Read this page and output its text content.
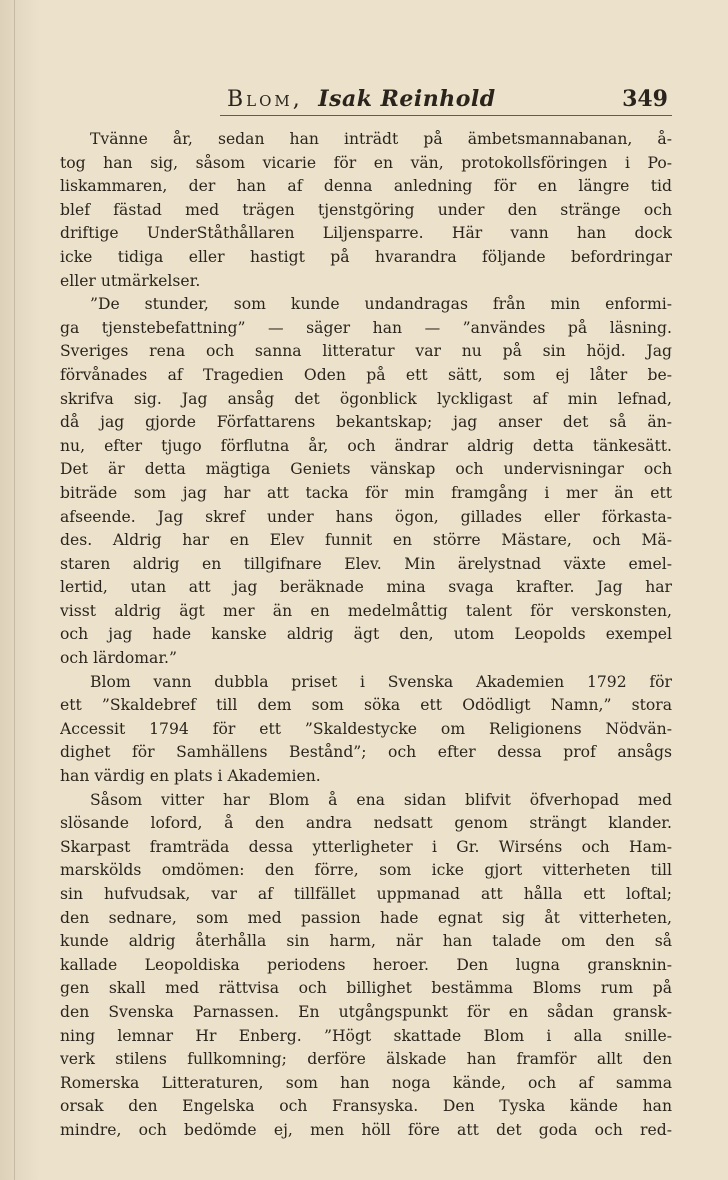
Blom, Isak Reinhold	349
Tvänne år, sedan han inträdt på ämbetsmannabanan, å-
tog han sig, såsom vicarie för en vän, protokollsföringen i Po-
liskammaren, der han af denna anledning för en längre tid
blef fästad med trägen tjenstgöring under den stränge och
driftige UnderStåthållaren Liljensparre. Här vann han dock
icke tidiga eller hastigt på hvarandra följande befordringar
eller utmärkelser.
”De stunder, som kunde undandragas från min enformi-
ga tjenstebefattning” — säger han — ”användes på läsning.
Sveriges rena och sanna litteratur var nu på sin höjd. Jag
förvånades af Tragedien Oden på ett sätt, som ej låter be-
skrifva sig. Jag ansåg det ögonblick lyckligast af min lefnad,
då jag gjorde Författarens bekantskap; jag anser det så än-
nu, efter tjugo förflutna år, och ändrar aldrig detta tänkesätt.
Det är detta mägtiga Geniets vänskap och undervisningar och
biträde som jag har att tacka för min framgång i mer än ett
afseende. Jag skref under hans ögon, gillades eller förkasta-
des. Aldrig har en Elev funnit en större Mästare, och Mä-
staren aldrig en tillgifnare Elev. Min ärelystnad växte emel-
lertid, utan att jag beräknade mina svaga krafter. Jag har
visst aldrig ägt mer än en medelmåttig talent för verskonsten,
och jag hade kanske aldrig ägt den, utom Leopolds exempel
och lärdomar.”
Blom vann dubbla priset i Svenska Akademien 1792 för
ett ”Skaldebref till dem som söka ett Odödligt Namn,” stora
Accessit 1794 för ett ”Skaldestycke om Religionens Nödvän-
dighet för Samhällens Bestånd”; och efter dessa prof ansågs
han värdig en plats i Akademien.
Såsom vitter har Blom å ena sidan blifvit öfverhopad med
slösande loford, å den andra nedsatt genom strängt klander.
Skarpast framträda dessa ytterligheter i Gr. Wirséns och Ham-
marskölds omdömen: den förre, som icke gjort vitterheten till
sin hufvudsak, var af tillfället uppmanad att hålla ett loftal;
den sednare, som med passion hade egnat sig åt vitterheten,
kunde aldrig återhålla sin harm, när han talade om den så
kallade Leopoldiska periodens heroer. Den lugna gransknin-
gen skall med rättvisa och billighet bestämma Bloms rum på
den Svenska Parnassen. En utgångspunkt för en sådan gransk-
ning lemnar Hr Enberg. ”Högt skattade Blom i alla snille-
verk stilens fullkomning; derföre älskade han framför allt den
Romerska Litteraturen, som han noga kände, och af samma
orsak den Engelska och Fransyska. Den Tyska kände han
mindre, och bedömde ej, men höll före att det goda och red-
